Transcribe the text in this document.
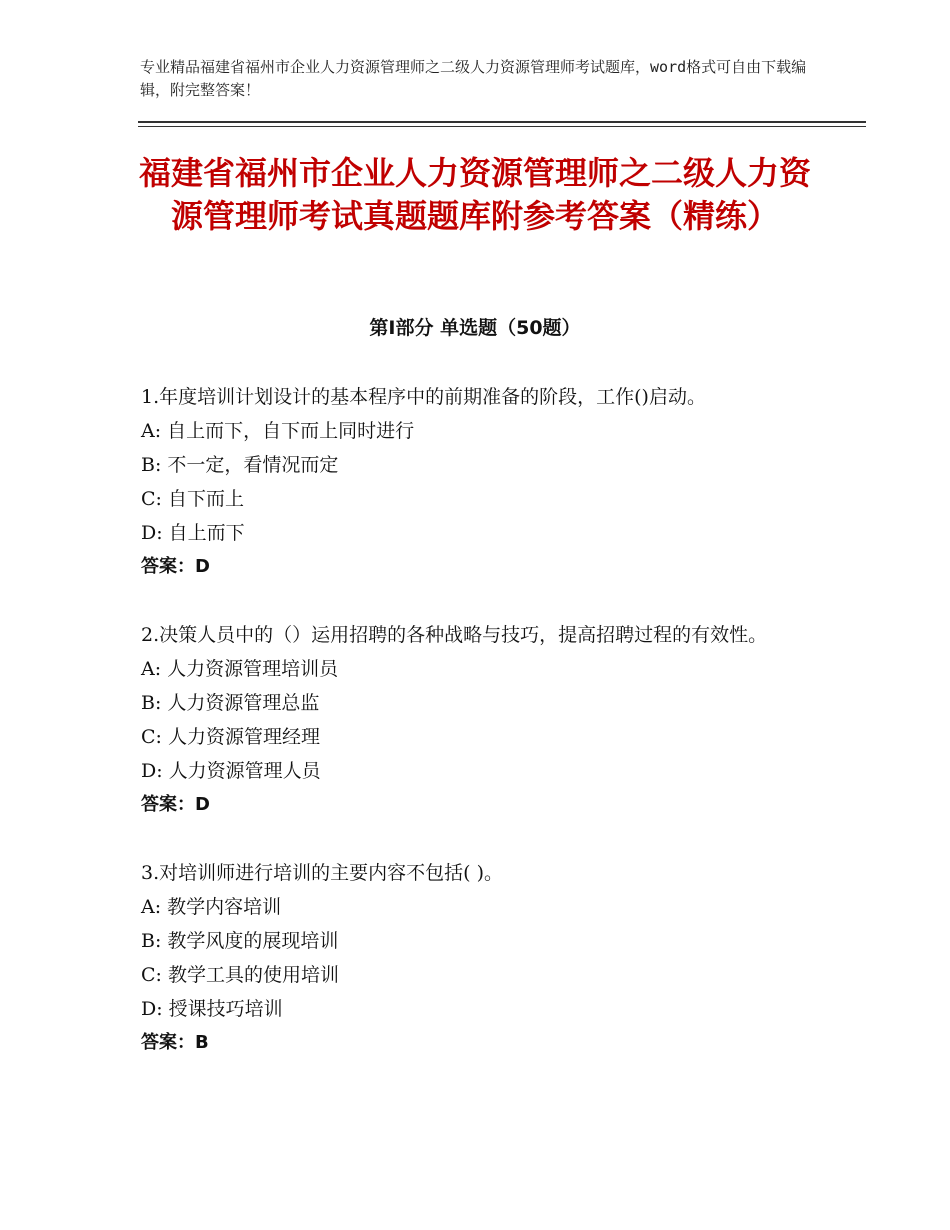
专业精品福建省福州市企业人力资源管理师之二级人力资源管理师考试题库，word格式可自由下载编辑，附完整答案！
福建省福州市企业人力资源管理师之二级人力资源管理师考试真题题库附参考答案（精练）
第Ⅰ部分 单选题（50题）
1.年度培训计划设计的基本程序中的前期准备的阶段，工作()启动。
A: 自上而下，自下而上同时进行
B: 不一定，看情况而定
C: 自下而上
D: 自上而下
答案：D
2.决策人员中的（）运用招聘的各种战略与技巧，提高招聘过程的有效性。
A: 人力资源管理培训员
B: 人力资源管理总监
C: 人力资源管理经理
D: 人力资源管理人员
答案：D
3.对培训师进行培训的主要内容不包括( )。
A: 教学内容培训
B: 教学风度的展现培训
C: 教学工具的使用培训
D: 授课技巧培训
答案：B
